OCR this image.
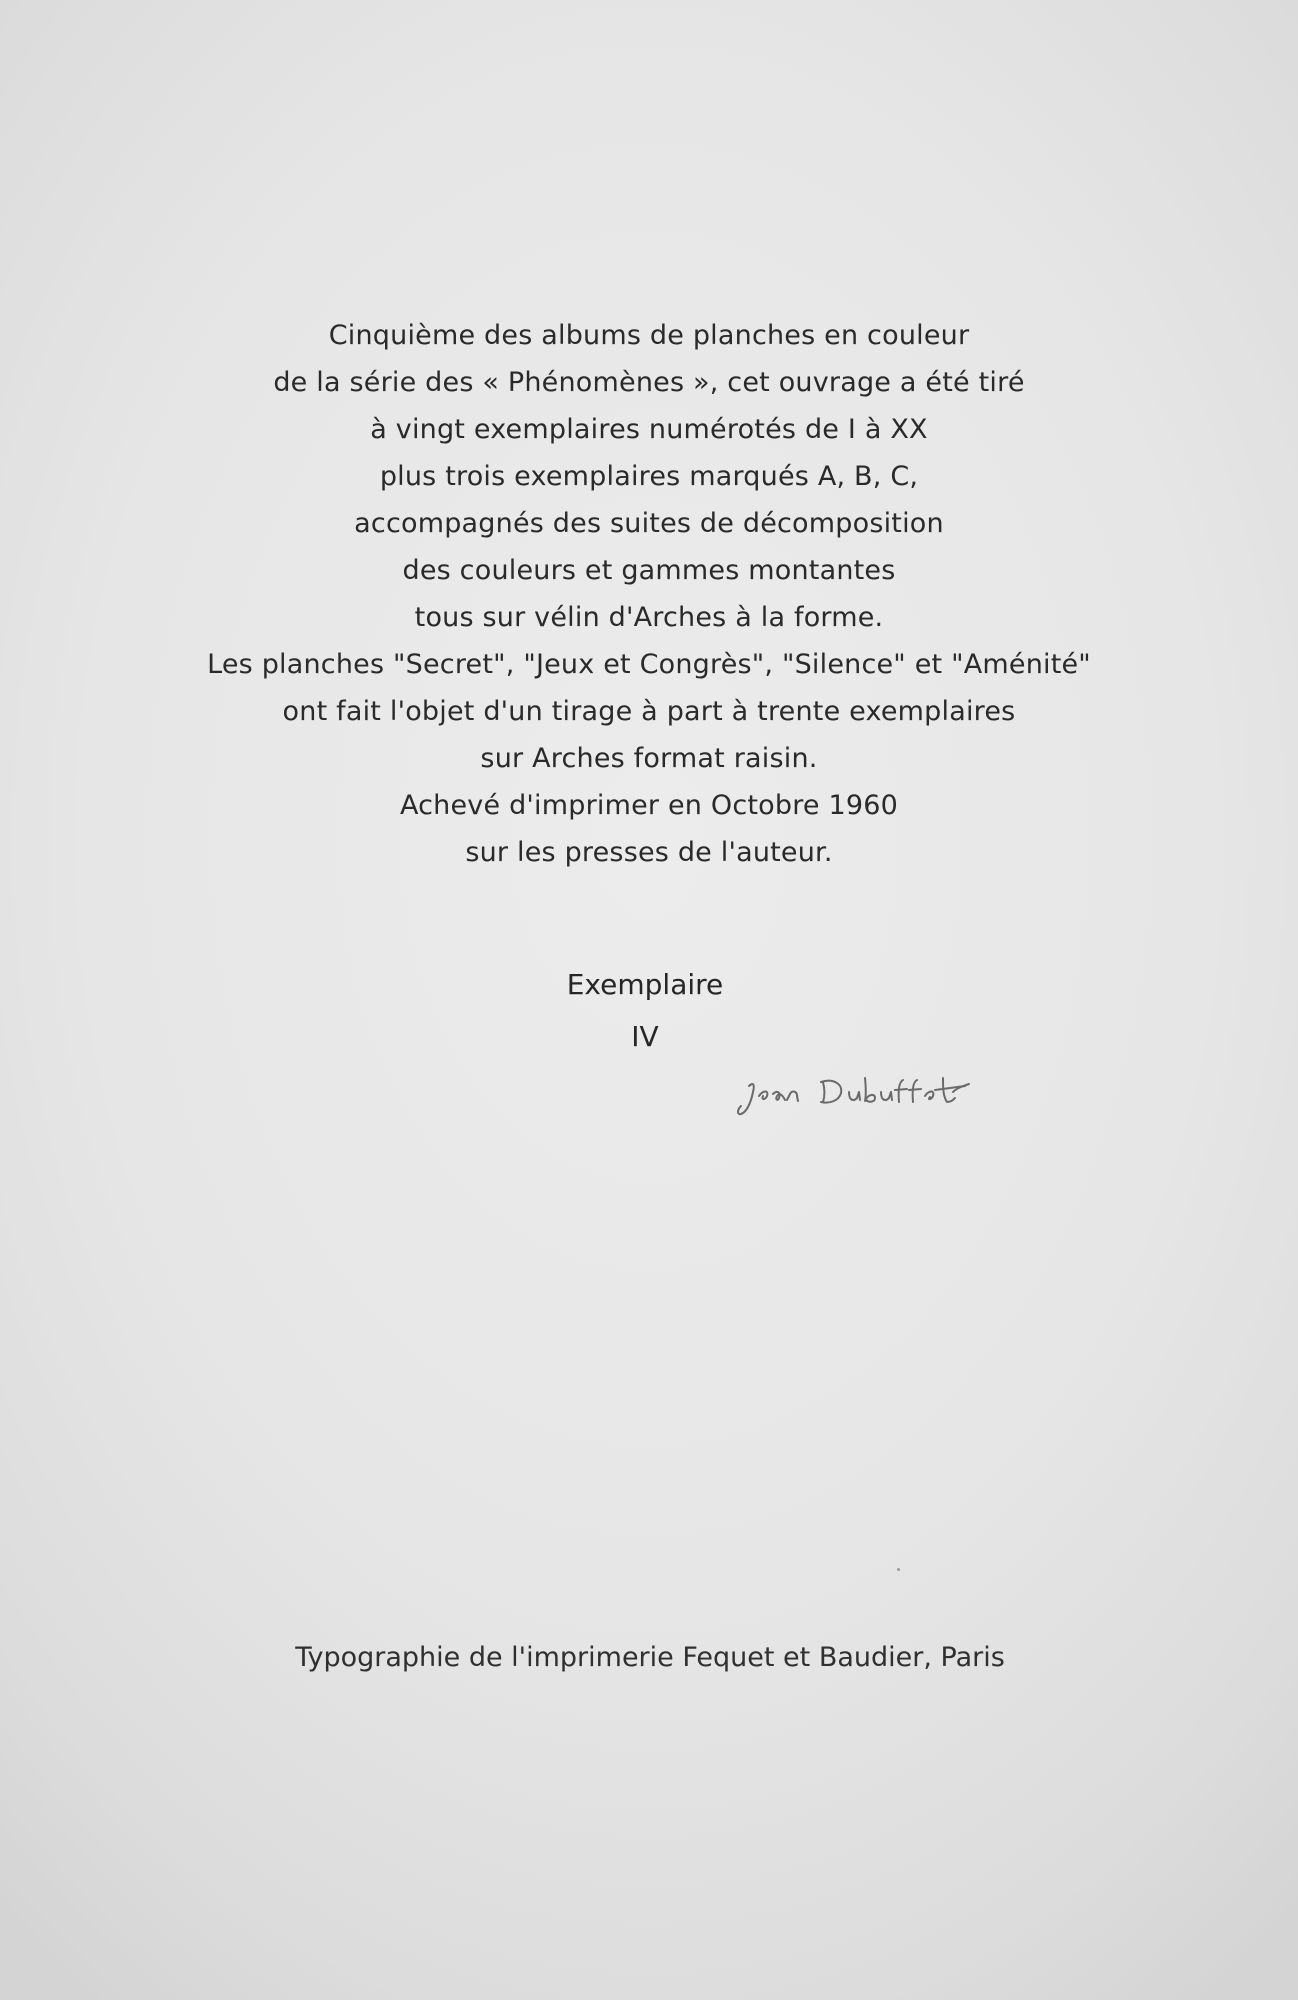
Cinquième des albums de planches en couleur
de la série des « Phénomènes », cet ouvrage a été tiré
à vingt exemplaires numérotés de I à XX
plus trois exemplaires marqués A, B, C,
accompagnés des suites de décomposition
des couleurs et gammes montantes
tous sur vélin d'Arches à la forme.
Les planches "Secret", "Jeux et Congrès", "Silence" et "Aménité"
ont fait l'objet d'un tirage à part à trente exemplaires
sur Arches format raisin.
Achevé d'imprimer en Octobre 1960
sur les presses de l'auteur.
Exemplaire
IV
Typographie de l'imprimerie Fequet et Baudier, Paris
